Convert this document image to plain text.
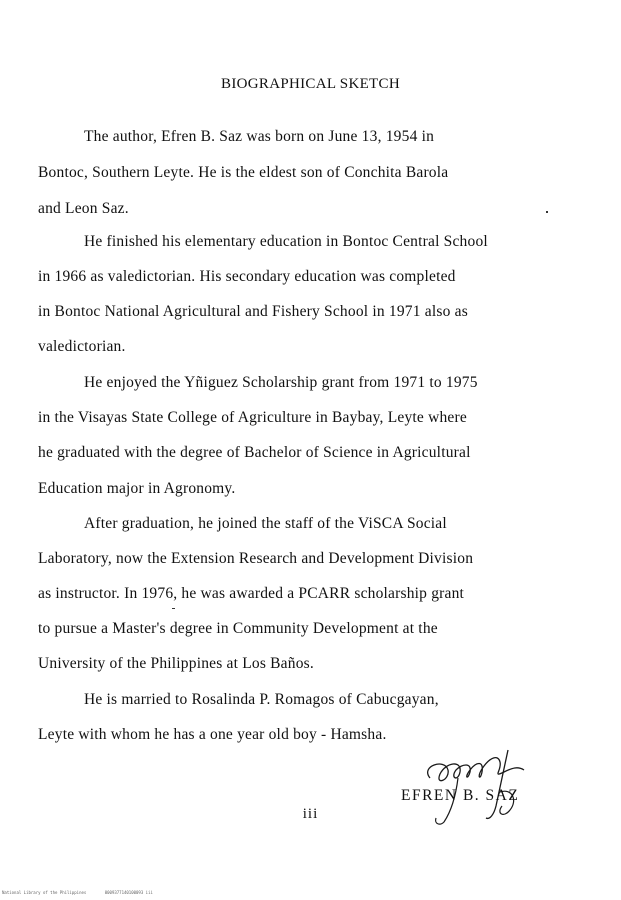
BIOGRAPHICAL SKETCH
The author, Efren B. Saz was born on June 13, 1954 in
Bontoc, Southern Leyte. He is the eldest son of Conchita Barola
and Leon Saz.
He finished his elementary education in Bontoc Central School
in 1966 as valedictorian. His secondary education was completed
in Bontoc National Agricultural and Fishery School in 1971 also as
valedictorian.
He enjoyed the Yñiguez Scholarship grant from 1971 to 1975
in the Visayas State College of Agriculture in Baybay, Leyte where
he graduated with the degree of Bachelor of Science in Agricultural
Education major in Agronomy.
After graduation, he joined the staff of the ViSCA Social
Laboratory, now the Extension Research and Development Division
as instructor. In 1976, he was awarded a PCARR scholarship grant
to pursue a Master's degree in Community Development at the
University of the Philippines at Los Baños.
He is married to Rosalinda P. Romagos of Cabucgayan,
Leyte with whom he has a one year old boy - Hamsha.
EFREN B. SAZ
iii
National Library of the Philippines	0009377140100093 iii
